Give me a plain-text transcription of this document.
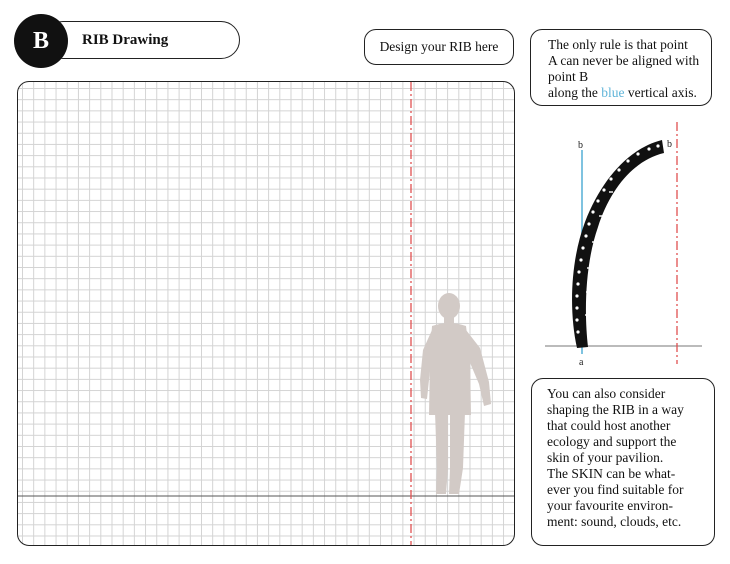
RIB Drawing
B	Design your RIB here	The only rule is that point
A can never be aligned with
point B
along the blue vertical axis.
b	b
a
You can also consider
shaping the RIB in a way
that could host another
ecology and support the
skin of your pavilion.
The SKIN can be what-
ever you find suitable for
your favourite environ-
ment: sound, clouds, etc.
